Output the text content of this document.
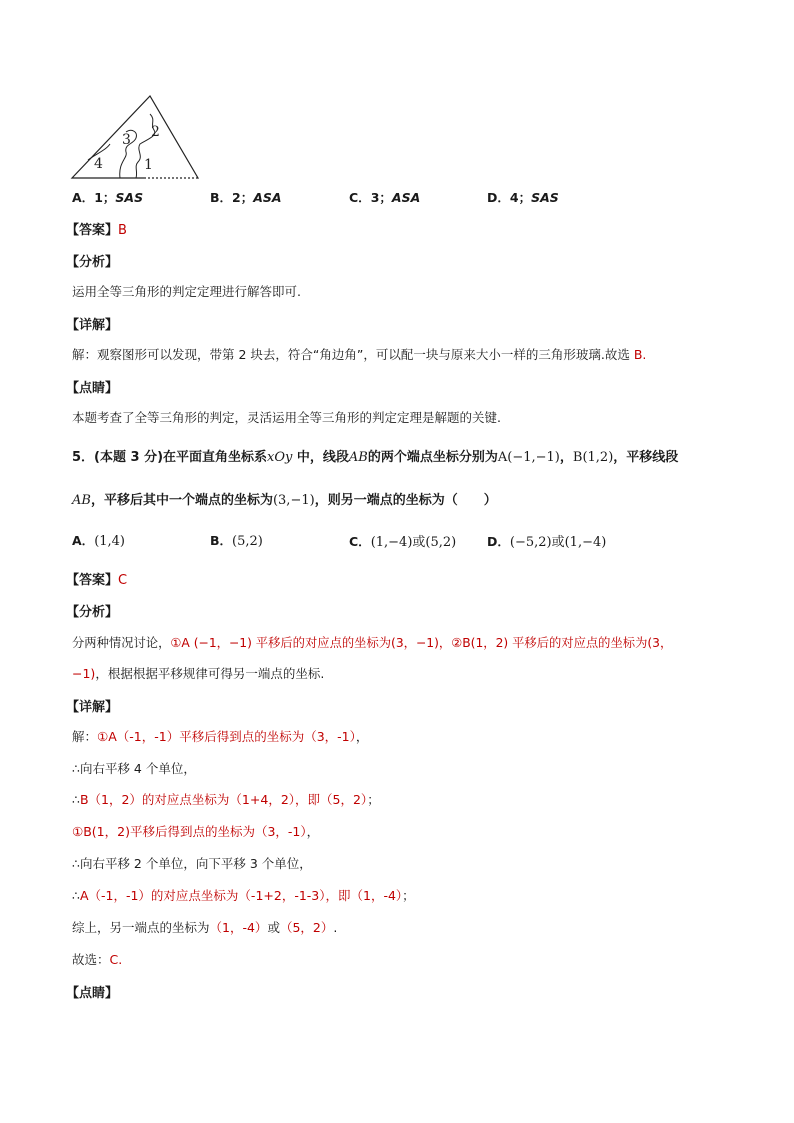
3 2
4	1
A．1；SAS	B．2；ASA	C．3；ASA	D．4；SAS
【答案】B
【分析】
运用全等三角形的判定定理进行解答即可.
【详解】
解：观察图形可以发现，带第 2 块去，符合“角边角”，可以配一块与原来大小一样的三角形玻璃.故选 B.
【点睛】
本题考查了全等三角形的判定，灵活运用全等三角形的判定定理是解题的关键.
5．(本题 3 分)在平面直角坐标系xOy 中，线段AB的两个端点坐标分别为A(−1,−1)，B(1,2)，平移线段
AB，平移后其中一个端点的坐标为(3,−1)，则另一端点的坐标为（　　）
A．(1,4)	B．(5,2)	C．(1,−4)或(5,2) D．(−5,2)或(1,−4)
【答案】C
【分析】
分两种情况讨论，①A (−1，−1) 平移后的对应点的坐标为(3，−1)，②B(1，2) 平移后的对应点的坐标为(3，
−1)，根据根据平移规律可得另一端点的坐标.
【详解】
解：①A（-1，-1）平移后得到点的坐标为（3，-1），
∴向右平移 4 个单位，
∴B（1，2）的对应点坐标为（1+4，2），即（5，2）；
①B(1，2)平移后得到点的坐标为（3，-1），
∴向右平移 2 个单位，向下平移 3 个单位，
∴A（-1，-1）的对应点坐标为（-1+2，-1-3），即（1，-4）；
综上，另一端点的坐标为（1，-4）或（5，2）.
故选：C.
【点睛】
